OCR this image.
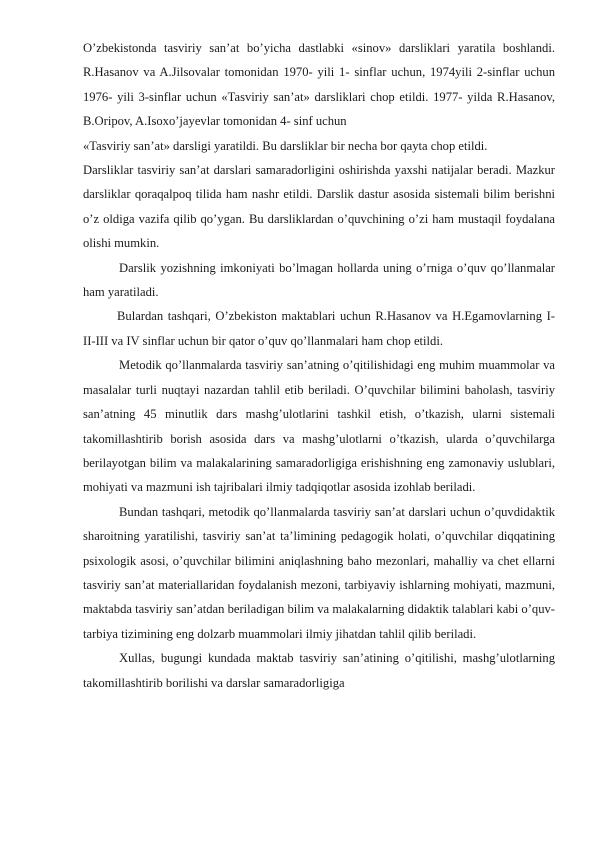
O’zbekistonda tasviriy san’at bo’yicha dastlabki «sinov» darsliklari yaratila boshlandi. R.Hasanov va A.Jilsovalar tomonidan 1970- yili 1- sinflar uchun, 1974yili 2-sinflar uchun 1976- yili 3-sinflar uchun «Tasviriy san’at» darsliklari chop etildi. 1977- yilda R.Hasanov, B.Oripov, A.Isoxo’jayevlar tomonidan 4- sinf uchun

«Tasviriy san’at» darsligi yaratildi. Bu darsliklar bir necha bor qayta chop etildi.

Darsliklar tasviriy san’at darslari samaradorligini oshirishda yaxshi natijalar beradi. Mazkur darsliklar qoraqalpoq tilida ham nashr etildi. Darslik dastur asosida sistemali bilim berishni o’z oldiga vazifa qilib qo’ygan. Bu darsliklardan o’quvchining o’zi ham mustaqil foydalana olishi mumkin.

Darslik yozishning imkoniyati bo’lmagan hollarda uning o’rniga o’quv qo’llanmalar ham yaratiladi.

Bulardan tashqari, O’zbekiston maktablari uchun R.Hasanov va H.Egamovlarning I-II-III va IV sinflar uchun bir qator o’quv qo’llanmalari ham chop etildi.

Metodik qo’llanmalarda tasviriy san’atning o’qitilishidagi eng muhim muammolar va masalalar turli nuqtayi nazardan tahlil etib beriladi. O’quvchilar bilimini baholash, tasviriy san’atning 45 minutlik dars mashg’ulotlarini tashkil etish, o’tkazish, ularni sistemali takomillashtirib borish asosida dars va mashg’ulotlarni o’tkazish, ularda o’quvchilarga berilayotgan bilim va malakalarining samaradorligiga erishishning eng zamonaviy uslublari, mohiyati va mazmuni ish tajribalari ilmiy tadqiqotlar asosida izohlab beriladi.

Bundan tashqari, metodik qo’llanmalarda tasviriy san’at darslari uchun o’quvdidaktik sharoitning yaratilishi, tasviriy san’at ta’limining pedagogik holati, o’quvchilar diqqatining psixologik asosi, o’quvchilar bilimini aniqlashning baho mezonlari, mahalliy va chet ellarni tasviriy san’at materiallaridan foydalanish mezoni, tarbiyaviy ishlarning mohiyati, mazmuni, maktabda tasviriy san’atdan beriladigan bilim va malakalarning didaktik talablari kabi o’quv-tarbiya tizimining eng dolzarb muammolari ilmiy jihatdan tahlil qilib beriladi.

Xullas, bugungi kundada maktab tasviriy san’atining o’qitilishi, mashg’ulotlarning takomillashtirib borilishi va darslar samaradorligiga
